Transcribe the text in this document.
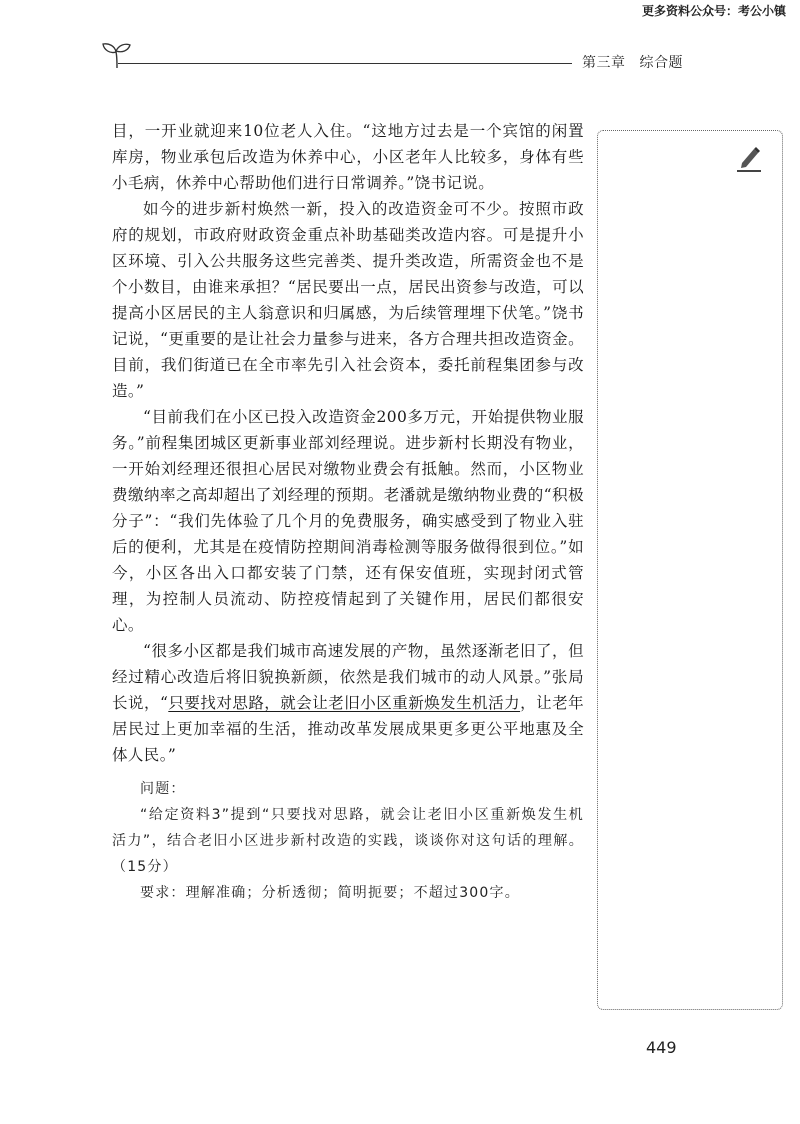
更多资料公众号：考公小镇
第三章 综合题

目，一开业就迎来10位老人入住。“这地方过去是一个宾馆的闲置库房，物业承包后改造为休养中心，小区老年人比较多，身体有些小毛病，休养中心帮助他们进行日常调养。”饶书记说。

如今的进步新村焕然一新，投入的改造资金可不少。按照市政府的规划，市政府财政资金重点补助基础类改造内容。可是提升小区环境、引入公共服务这些完善类、提升类改造，所需资金也不是个小数目，由谁来承担？“居民要出一点，居民出资参与改造，可以提高小区居民的主人翁意识和归属感，为后续管理埋下伏笔。”饶书记说，“更重要的是让社会力量参与进来，各方合理共担改造资金。目前，我们街道已在全市率先引入社会资本，委托前程集团参与改造。”

“目前我们在小区已投入改造资金200多万元，开始提供物业服务。”前程集团城区更新事业部刘经理说。进步新村长期没有物业，一开始刘经理还很担心居民对缴物业费会有抵触。然而，小区物业费缴纳率之高却超出了刘经理的预期。老潘就是缴纳物业费的“积极分子”：“我们先体验了几个月的免费服务，确实感受到了物业入驻后的便利，尤其是在疫情防控期间消毒检测等服务做得很到位。”如今，小区各出入口都安装了门禁，还有保安值班，实现封闭式管理，为控制人员流动、防控疫情起到了关键作用，居民们都很安心。

“很多小区都是我们城市高速发展的产物，虽然逐渐老旧了，但经过精心改造后将旧貌换新颜，依然是我们城市的动人风景。”张局长说，“只要找对思路，就会让老旧小区重新焕发生机活力，让老年居民过上更加幸福的生活，推动改革发展成果更多更公平地惠及全体人民。”

问题：

“给定资料3”提到“只要找对思路，就会让老旧小区重新焕发生机活力”，结合老旧小区进步新村改造的实践，谈谈你对这句话的理解。（15分）

要求：理解准确；分析透彻；简明扼要；不超过300字。

449
